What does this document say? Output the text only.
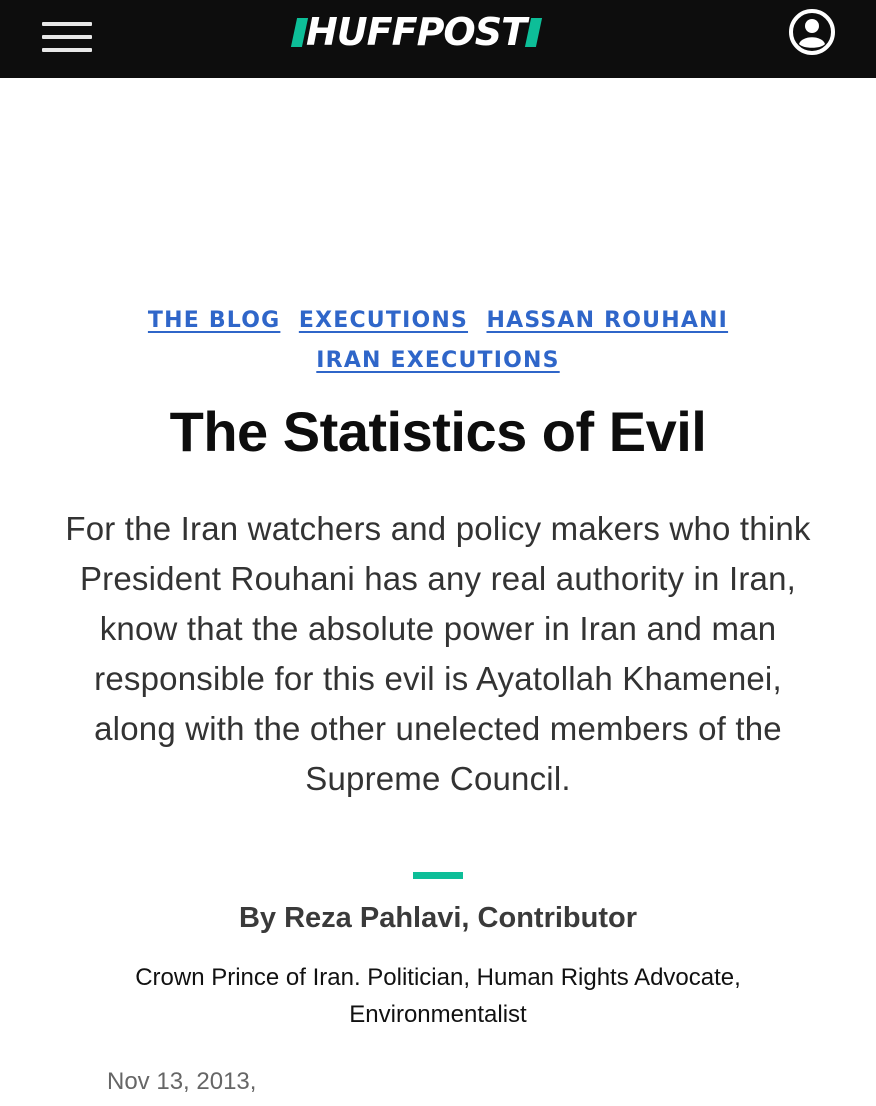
HUFFPOST
THE BLOG EXECUTIONS HASSAN ROUHANI
IRAN EXECUTIONS
The Statistics of Evil

For the Iran watchers and policy makers who think President Rouhani has any real authority in Iran, know that the absolute power in Iran and man responsible for this evil is Ayatollah Khamenei, along with the other unelected members of the Supreme Council.

By Reza Pahlavi, Contributor
Crown Prince of Iran. Politician, Human Rights Advocate, Environmentalist
Nov 13, 2013,
